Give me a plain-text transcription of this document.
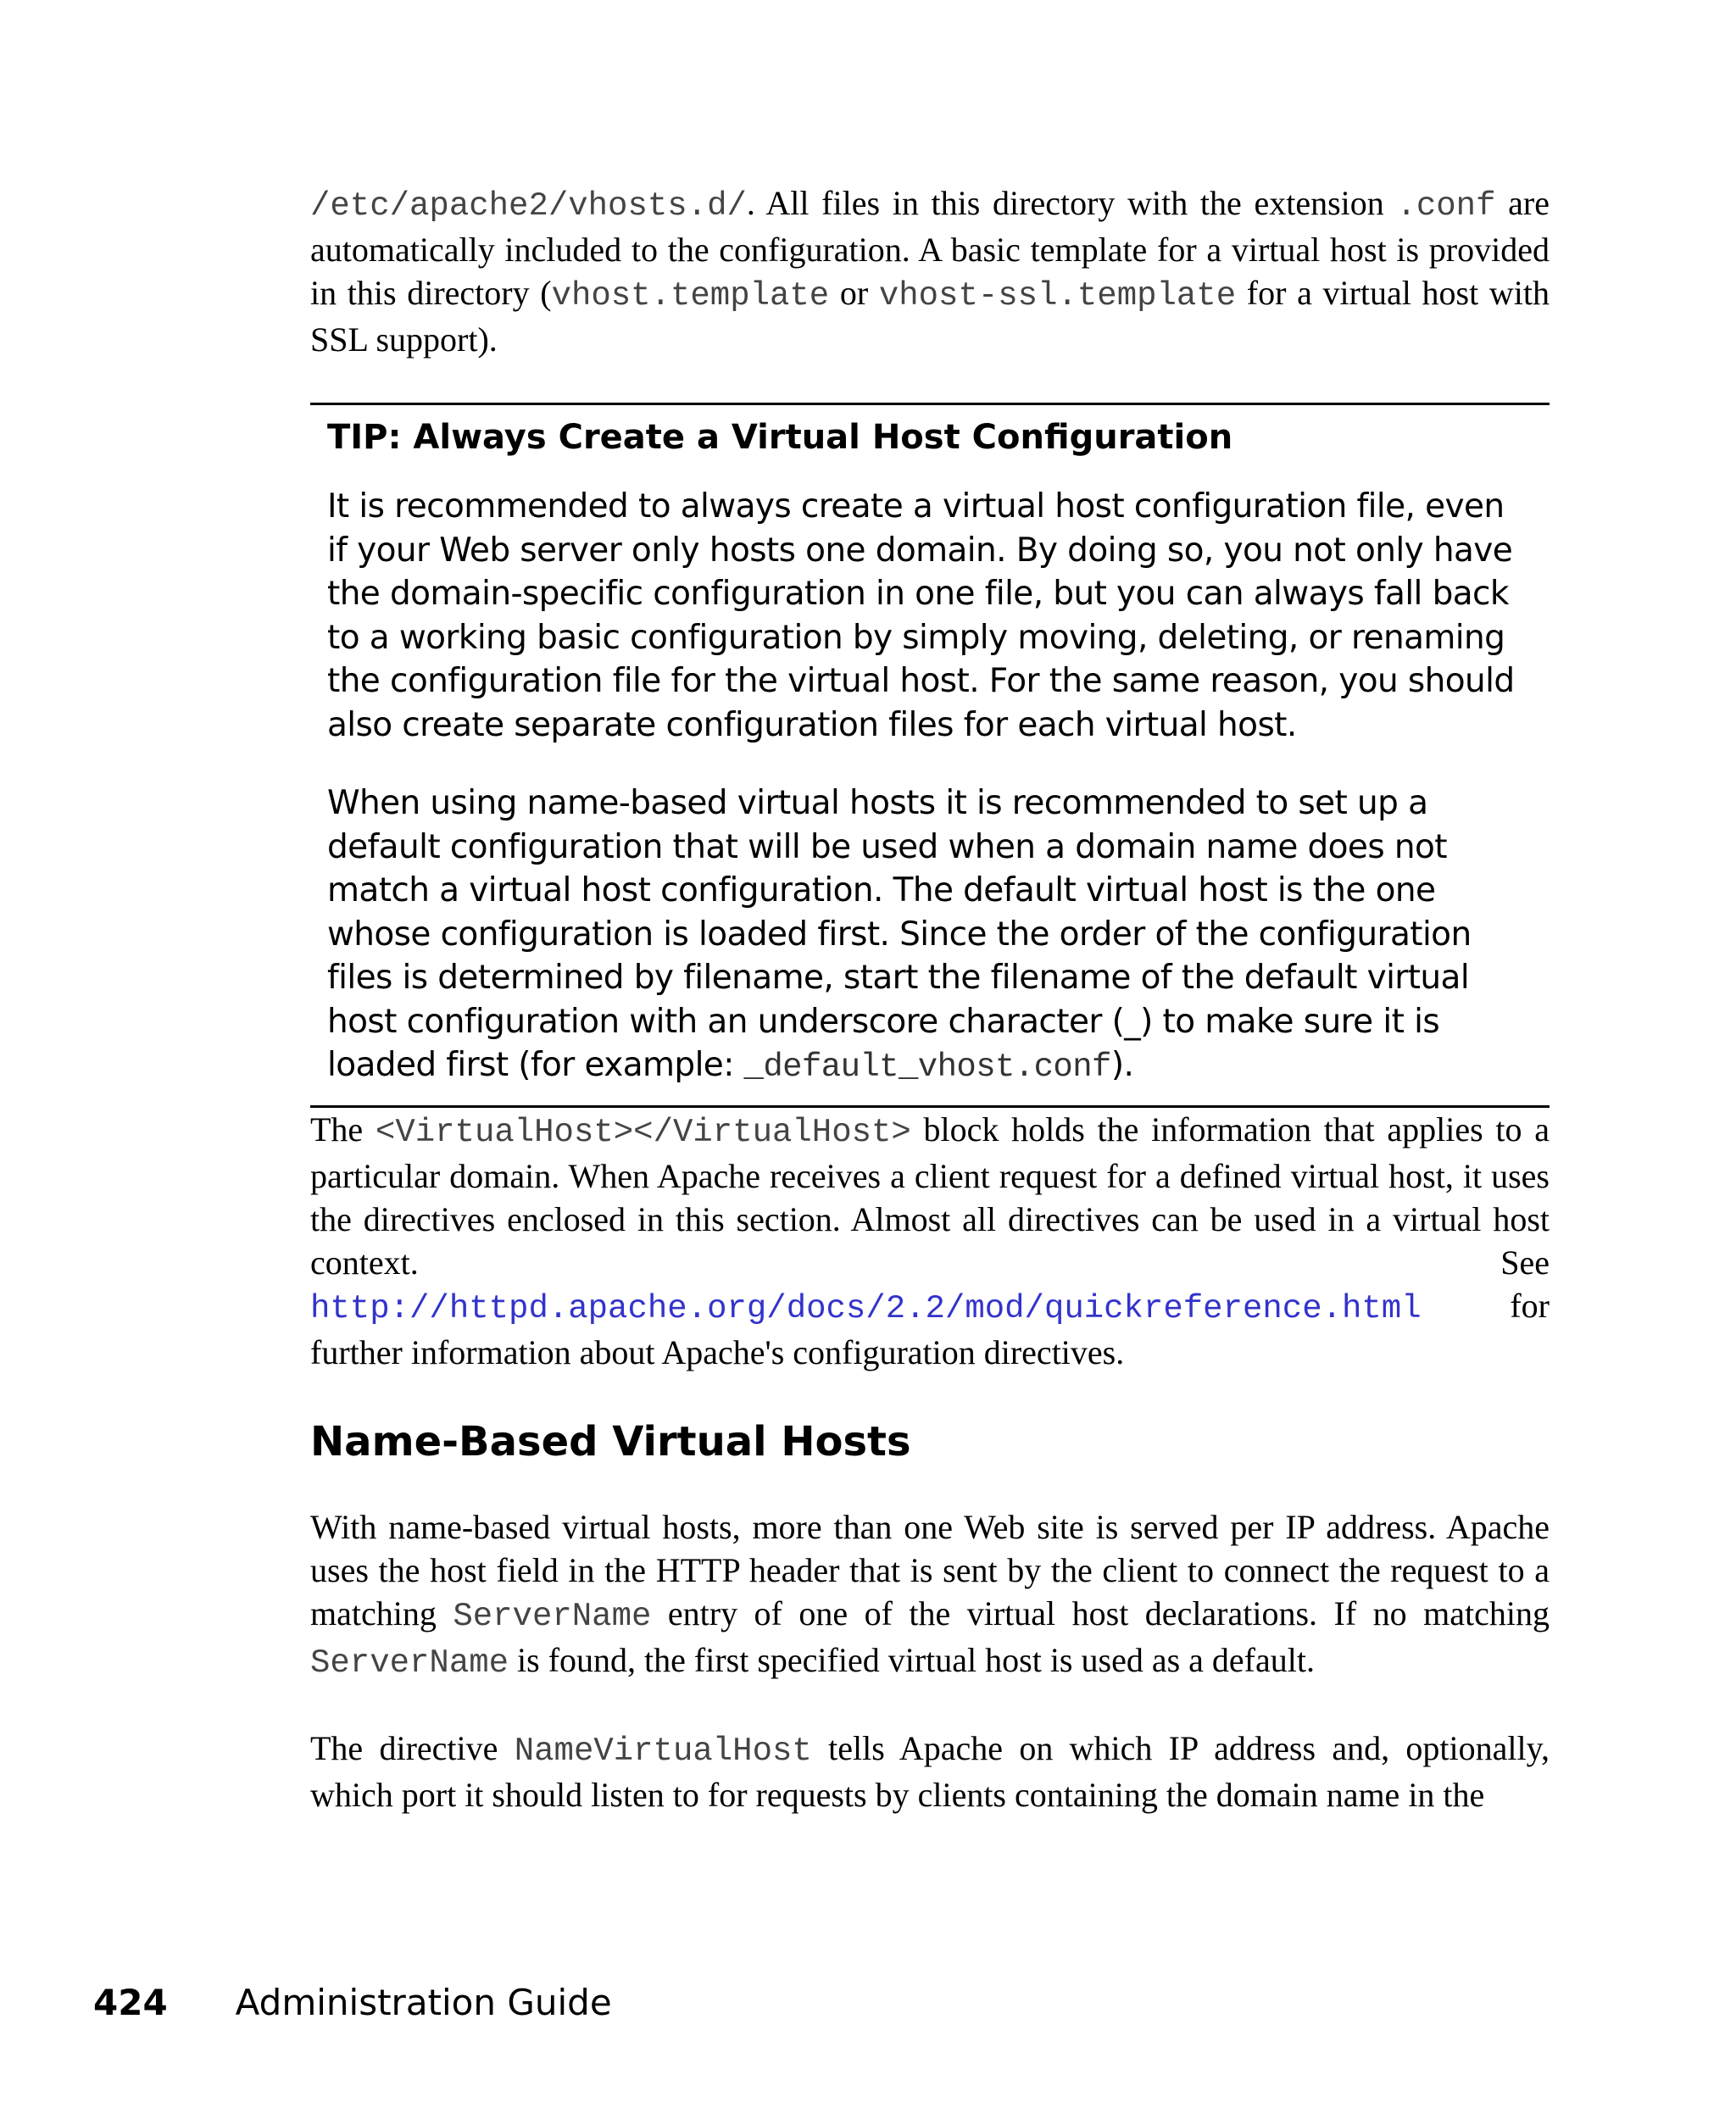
/etc/apache2/vhosts.d/. All files in this directory with the extension .conf are automatically included to the configuration. A basic template for a virtual host is provided in this directory (vhost.template or vhost-ssl.template for a virtual host with SSL support).

TIP: Always Create a Virtual Host Configuration

It is recommended to always create a virtual host configuration file, even if your Web server only hosts one domain. By doing so, you not only have the domain-specific configuration in one file, but you can always fall back to a working basic configuration by simply moving, deleting, or renaming the configuration file for the virtual host. For the same reason, you should also create separate configuration files for each virtual host.

When using name-based virtual hosts it is recommended to set up a default configuration that will be used when a domain name does not match a virtual host configuration. The default virtual host is the one whose configuration is loaded first. Since the order of the configuration files is determined by filename, start the filename of the default virtual host configuration with an underscore character (_) to make sure it is loaded first (for example: _default_vhost.conf).

The <VirtualHost></VirtualHost> block holds the information that applies to a particular domain. When Apache receives a client request for a defined virtual host, it uses the directives enclosed in this section. Almost all directives can be used in a virtual host context. See http://httpd.apache.org/docs/2.2/mod/quickreference.html for further information about Apache's configuration directives.

Name-Based Virtual Hosts

With name-based virtual hosts, more than one Web site is served per IP address. Apache uses the host field in the HTTP header that is sent by the client to connect the request to a matching ServerName entry of one of the virtual host declarations. If no matching ServerName is found, the first specified virtual host is used as a default.

The directive NameVirtualHost tells Apache on which IP address and, optionally, which port it should listen to for requests by clients containing the domain name in the

424 Administration Guide
